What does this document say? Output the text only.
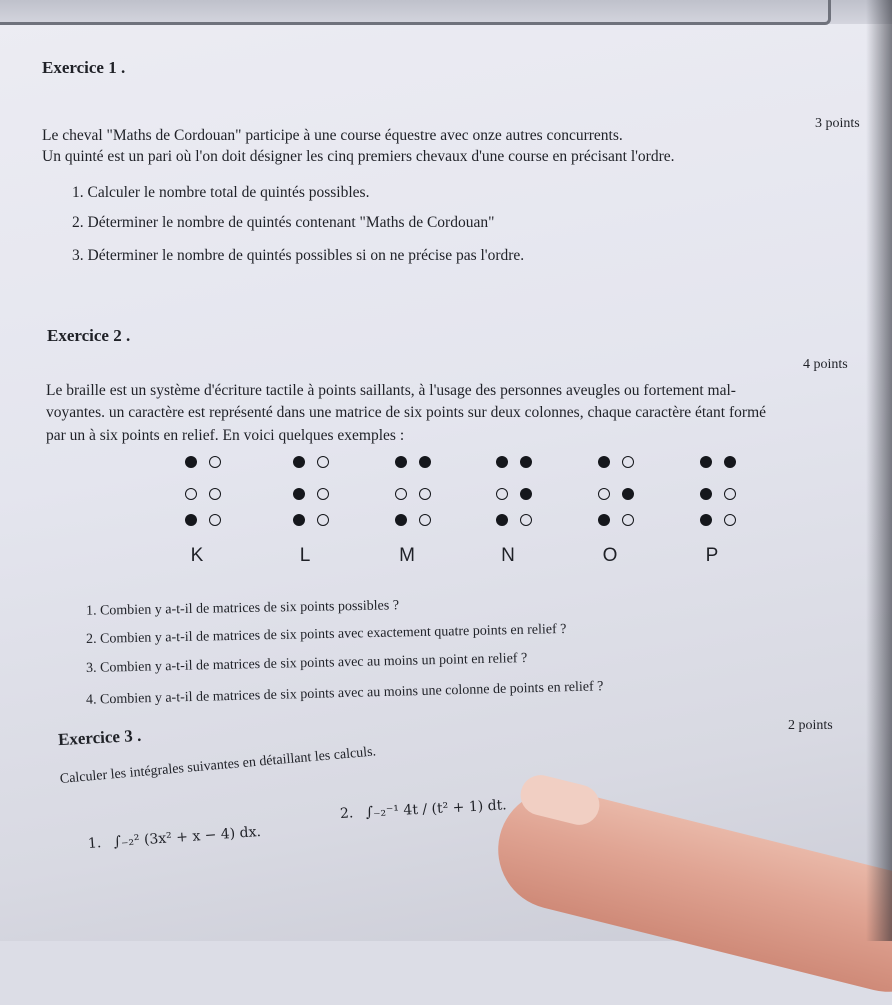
Exercice 1 .
3 points
Le cheval "Maths de Cordouan" participe à une course équestre avec onze autres concurrents.
Un quinté est un pari où l'on doit désigner les cinq premiers chevaux d'une course en précisant l'ordre.
1. Calculer le nombre total de quintés possibles.
2. Déterminer le nombre de quintés contenant "Maths de Cordouan"
3. Déterminer le nombre de quintés possibles si on ne précise pas l'ordre.
Exercice 2 .
4 points
Le braille est un système d'écriture tactile à points saillants, à l'usage des personnes aveugles ou fortement mal-
voyantes. un caractère est représenté dans une matrice de six points sur deux colonnes, chaque caractère étant formé
par un à six points en relief. En voici quelques exemples :
K	L	M	N	O	P
1. Combien y a-t-il de matrices de six points possibles ?
2. Combien y a-t-il de matrices de six points avec exactement quatre points en relief ?
3. Combien y a-t-il de matrices de six points avec au moins un point en relief ?
4. Combien y a-t-il de matrices de six points avec au moins une colonne de points en relief ?
Exercice 3 .
2 points
Calculer les intégrales suivantes en détaillant les calculs.
1. ∫₋₂² (3x² + x − 4) dx.
2. ∫₋₂⁻¹ 4t / (t² + 1) dt.
